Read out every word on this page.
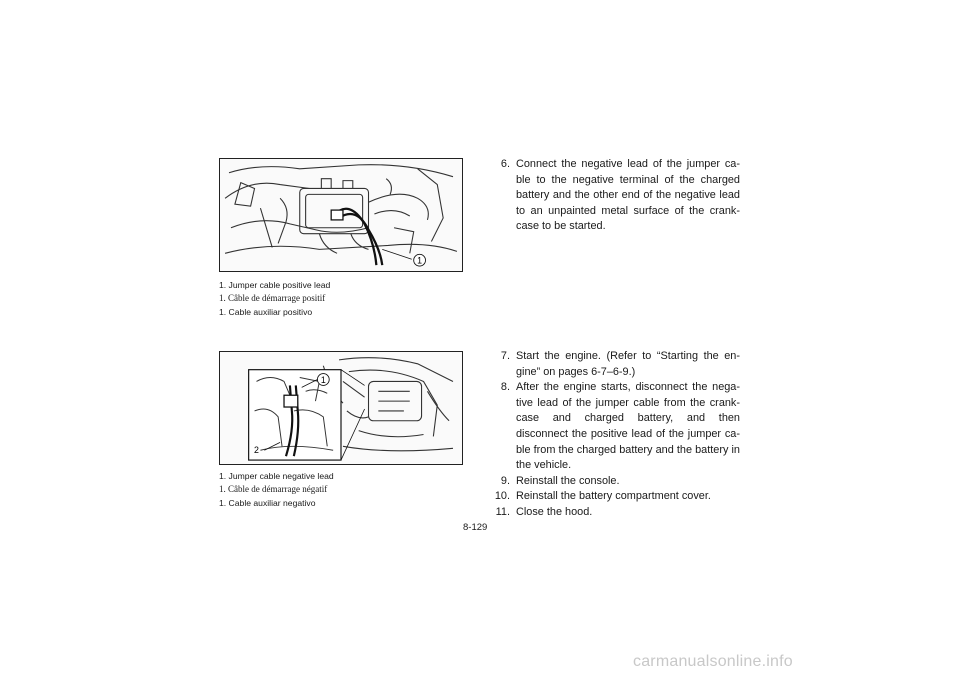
1
1. Jumper cable positive lead
1. Câble de démarrage positif
1. Cable auxiliar positivo
1
2
1. Jumper cable negative lead
1. Câble de démarrage négatif
1. Cable auxiliar negativo
6. Connect the negative lead of the jumper ca-ble to the negative terminal of the charged battery and the other end of the negative lead to an unpainted metal surface of the crank-case to be started.
7. Start the engine. (Refer to “Starting the en-gine” on pages 6-7–6-9.)
8. After the engine starts, disconnect the nega-tive lead of the jumper cable from the crank-case and charged battery, and then disconnect the positive lead of the jumper ca-ble from the charged battery and the battery in the vehicle.
9. Reinstall the console.
10. Reinstall the battery compartment cover.
11. Close the hood.
8-129
carmanualsonline.info
